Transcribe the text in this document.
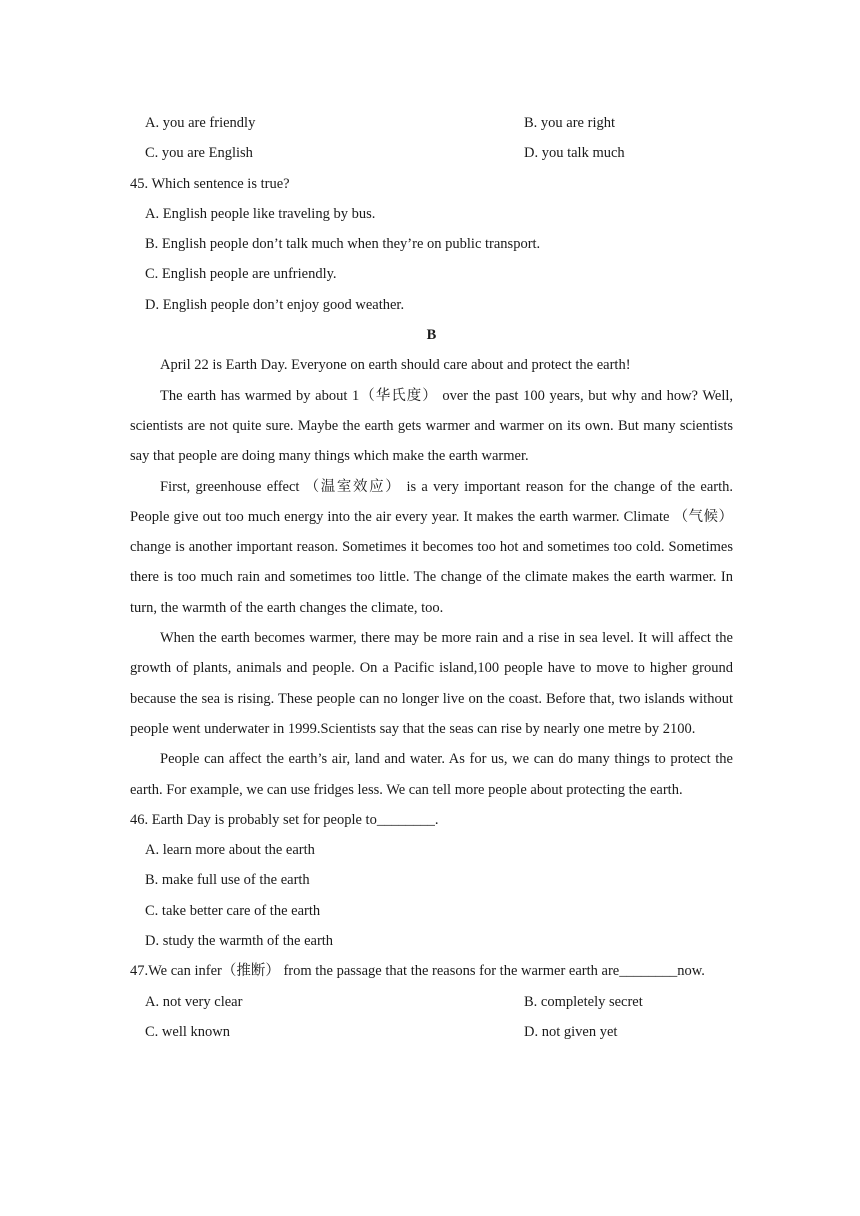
A. you are friendly	B. you are right
C. you are English	D. you talk much
45. Which sentence is true?
A. English people like traveling by bus.
B. English people don’t talk much when they’re on public transport.
C. English people are unfriendly.
D. English people don’t enjoy good weather.
B

April 22 is Earth Day. Everyone on earth should care about and protect the earth!

The earth has warmed by about 1（华氏度） over the past 100 years, but why and how? Well, scientists are not quite sure. Maybe the earth gets warmer and warmer on its own. But many scientists say that people are doing many things which make the earth warmer.

First, greenhouse effect （温室效应） is a very important reason for the change of the earth. People give out too much energy into the air every year. It makes the earth warmer. Climate （气候） change is another important reason. Sometimes it becomes too hot and sometimes too cold. Sometimes there is too much rain and sometimes too little. The change of the climate makes the earth warmer. In turn, the warmth of the earth changes the climate, too.

When the earth becomes warmer, there may be more rain and a rise in sea level. It will affect the growth of plants, animals and people. On a Pacific island,100 people have to move to higher ground because the sea is rising. These people can no longer live on the coast. Before that, two islands without people went underwater in 1999.Scientists say that the seas can rise by nearly one metre by 2100.

People can affect the earth’s air, land and water. As for us, we can do many things to protect the earth. For example, we can use fridges less. We can tell more people about protecting the earth.

46. Earth Day is probably set for people to________.
A. learn more about the earth
B. make full use of the earth
C. take better care of the earth
D. study the warmth of the earth
47.We can infer（推断） from the passage that the reasons for the warmer earth are________now.
A. not very clear	B. completely secret
C. well known	D. not given yet
